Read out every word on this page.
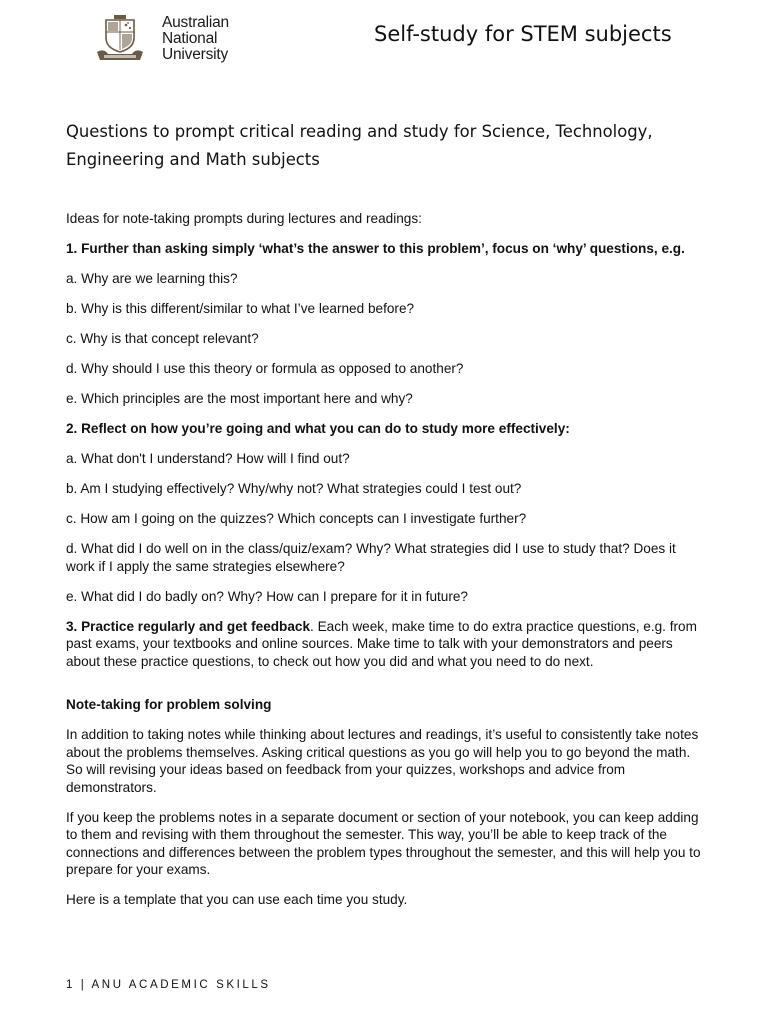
Australian
National
University
Self-study for STEM subjects
Questions to prompt critical reading and study for Science, Technology, Engineering and Math subjects

Ideas for note-taking prompts during lectures and readings:

1. Further than asking simply ‘what’s the answer to this problem’, focus on ‘why’ questions, e.g.

a. Why are we learning this?

b. Why is this different/similar to what I’ve learned before?

c. Why is that concept relevant?

d. Why should I use this theory or formula as opposed to another?

e. Which principles are the most important here and why?

2. Reflect on how you’re going and what you can do to study more effectively:

a. What don't I understand? How will I find out?

b. Am I studying effectively? Why/why not? What strategies could I test out?

c. How am I going on the quizzes? Which concepts can I investigate further?

d. What did I do well on in the class/quiz/exam? Why? What strategies did I use to study that? Does it work if I apply the same strategies elsewhere?

e. What did I do badly on? Why? How can I prepare for it in future?

3. Practice regularly and get feedback. Each week, make time to do extra practice questions, e.g. from past exams, your textbooks and online sources. Make time to talk with your demonstrators and peers about these practice questions, to check out how you did and what you need to do next.

Note-taking for problem solving

In addition to taking notes while thinking about lectures and readings, it’s useful to consistently take notes about the problems themselves. Asking critical questions as you go will help you to go beyond the math. So will revising your ideas based on feedback from your quizzes, workshops and advice from demonstrators.

If you keep the problems notes in a separate document or section of your notebook, you can keep adding to them and revising with them throughout the semester. This way, you’ll be able to keep track of the connections and differences between the problem types throughout the semester, and this will help you to prepare for your exams.

Here is a template that you can use each time you study.

1 | ANU ACADEMIC SKILLS
